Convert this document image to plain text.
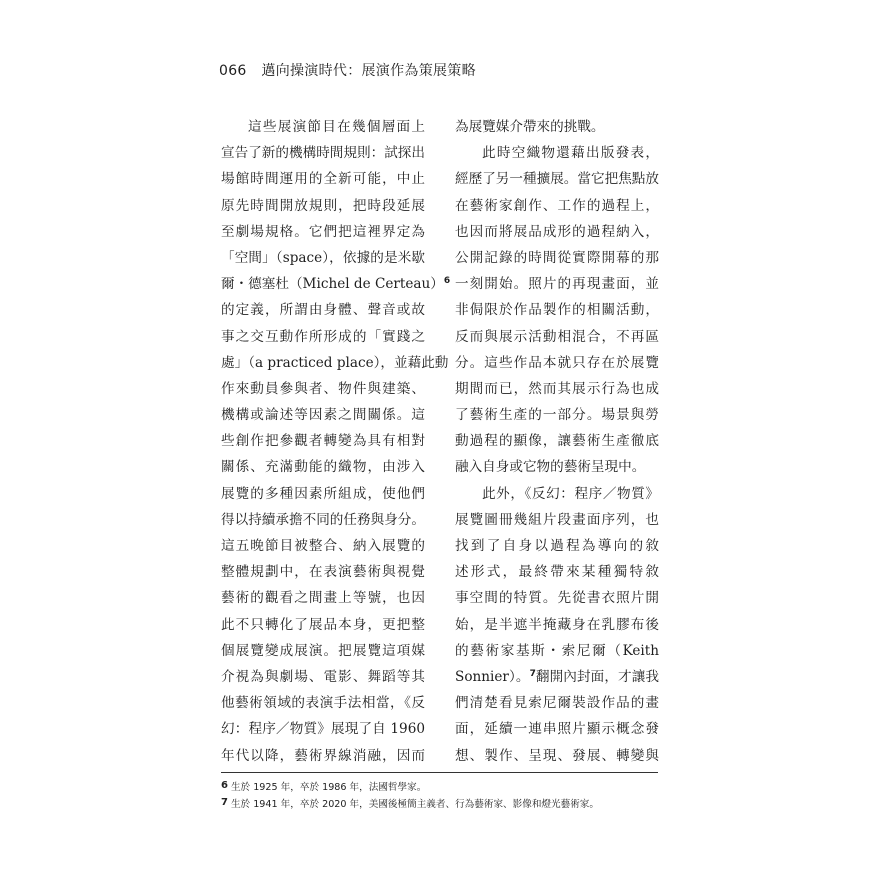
066 邁向操演時代：展演作為策展策略
這些展演節目在幾個層面上
宣告了新的機構時間規則：試探出
場館時間運用的全新可能，中止
原先時間開放規則，把時段延展
至劇場規格。它們把這裡界定為
「空間」（space），依據的是米歇
爾・德塞杜（Michel de Certeau）$^6$
的定義，所謂由身體、聲音或故
事之交互動作所形成的「實踐之
處」（a practiced place），並藉此動
作來動員參與者、物件與建築、
機構或論述等因素之間關係。這
些創作把參觀者轉變為具有相對
關係、充滿動能的織物，由涉入
展覽的多種因素所組成，使他們
得以持續承擔不同的任務與身分。
這五晚節目被整合、納入展覽的
整體規劃中，在表演藝術與視覺
藝術的觀看之間畫上等號，也因
此不只轉化了展品本身，更把整
個展覽變成展演。把展覽這項媒
介視為與劇場、電影、舞蹈等其
他藝術領域的表演手法相當，《反
幻：程序／物質》展現了自 1960
年代以降，藝術界線消融，因而
為展覽媒介帶來的挑戰。
此時空織物還藉出版發表，
經歷了另一種擴展。當它把焦點放
在藝術家創作、工作的過程上，
也因而將展品成形的過程納入，
公開記錄的時間從實際開幕的那
一刻開始。照片的再現畫面，並
非侷限於作品製作的相關活動，
反而與展示活動相混合，不再區
分。這些作品本就只存在於展覽
期間而已，然而其展示行為也成
了藝術生產的一部分。場景與勞
動過程的顯像，讓藝術生產徹底
融入自身或它物的藝術呈現中。
此外，《反幻：程序／物質》
展覽圖冊幾組片段畫面序列，也
找到了自身以過程為導向的敘
述形式，最終帶來某種獨特敘
事空間的特質。先從書衣照片開
始，是半遮半掩藏身在乳膠布後
的藝術家基斯・索尼爾（Keith
Sonnier）。$^7$翻開內封面，才讓我
們清楚看見索尼爾裝設作品的畫
面，延續一連串照片顯示概念發
想、製作、呈現、發展、轉變與
6 生於 1925 年，卒於 1986 年，法國哲學家。
7 生於 1941 年，卒於 2020 年，美國後極簡主義者、行為藝術家、影像和燈光藝術家。
